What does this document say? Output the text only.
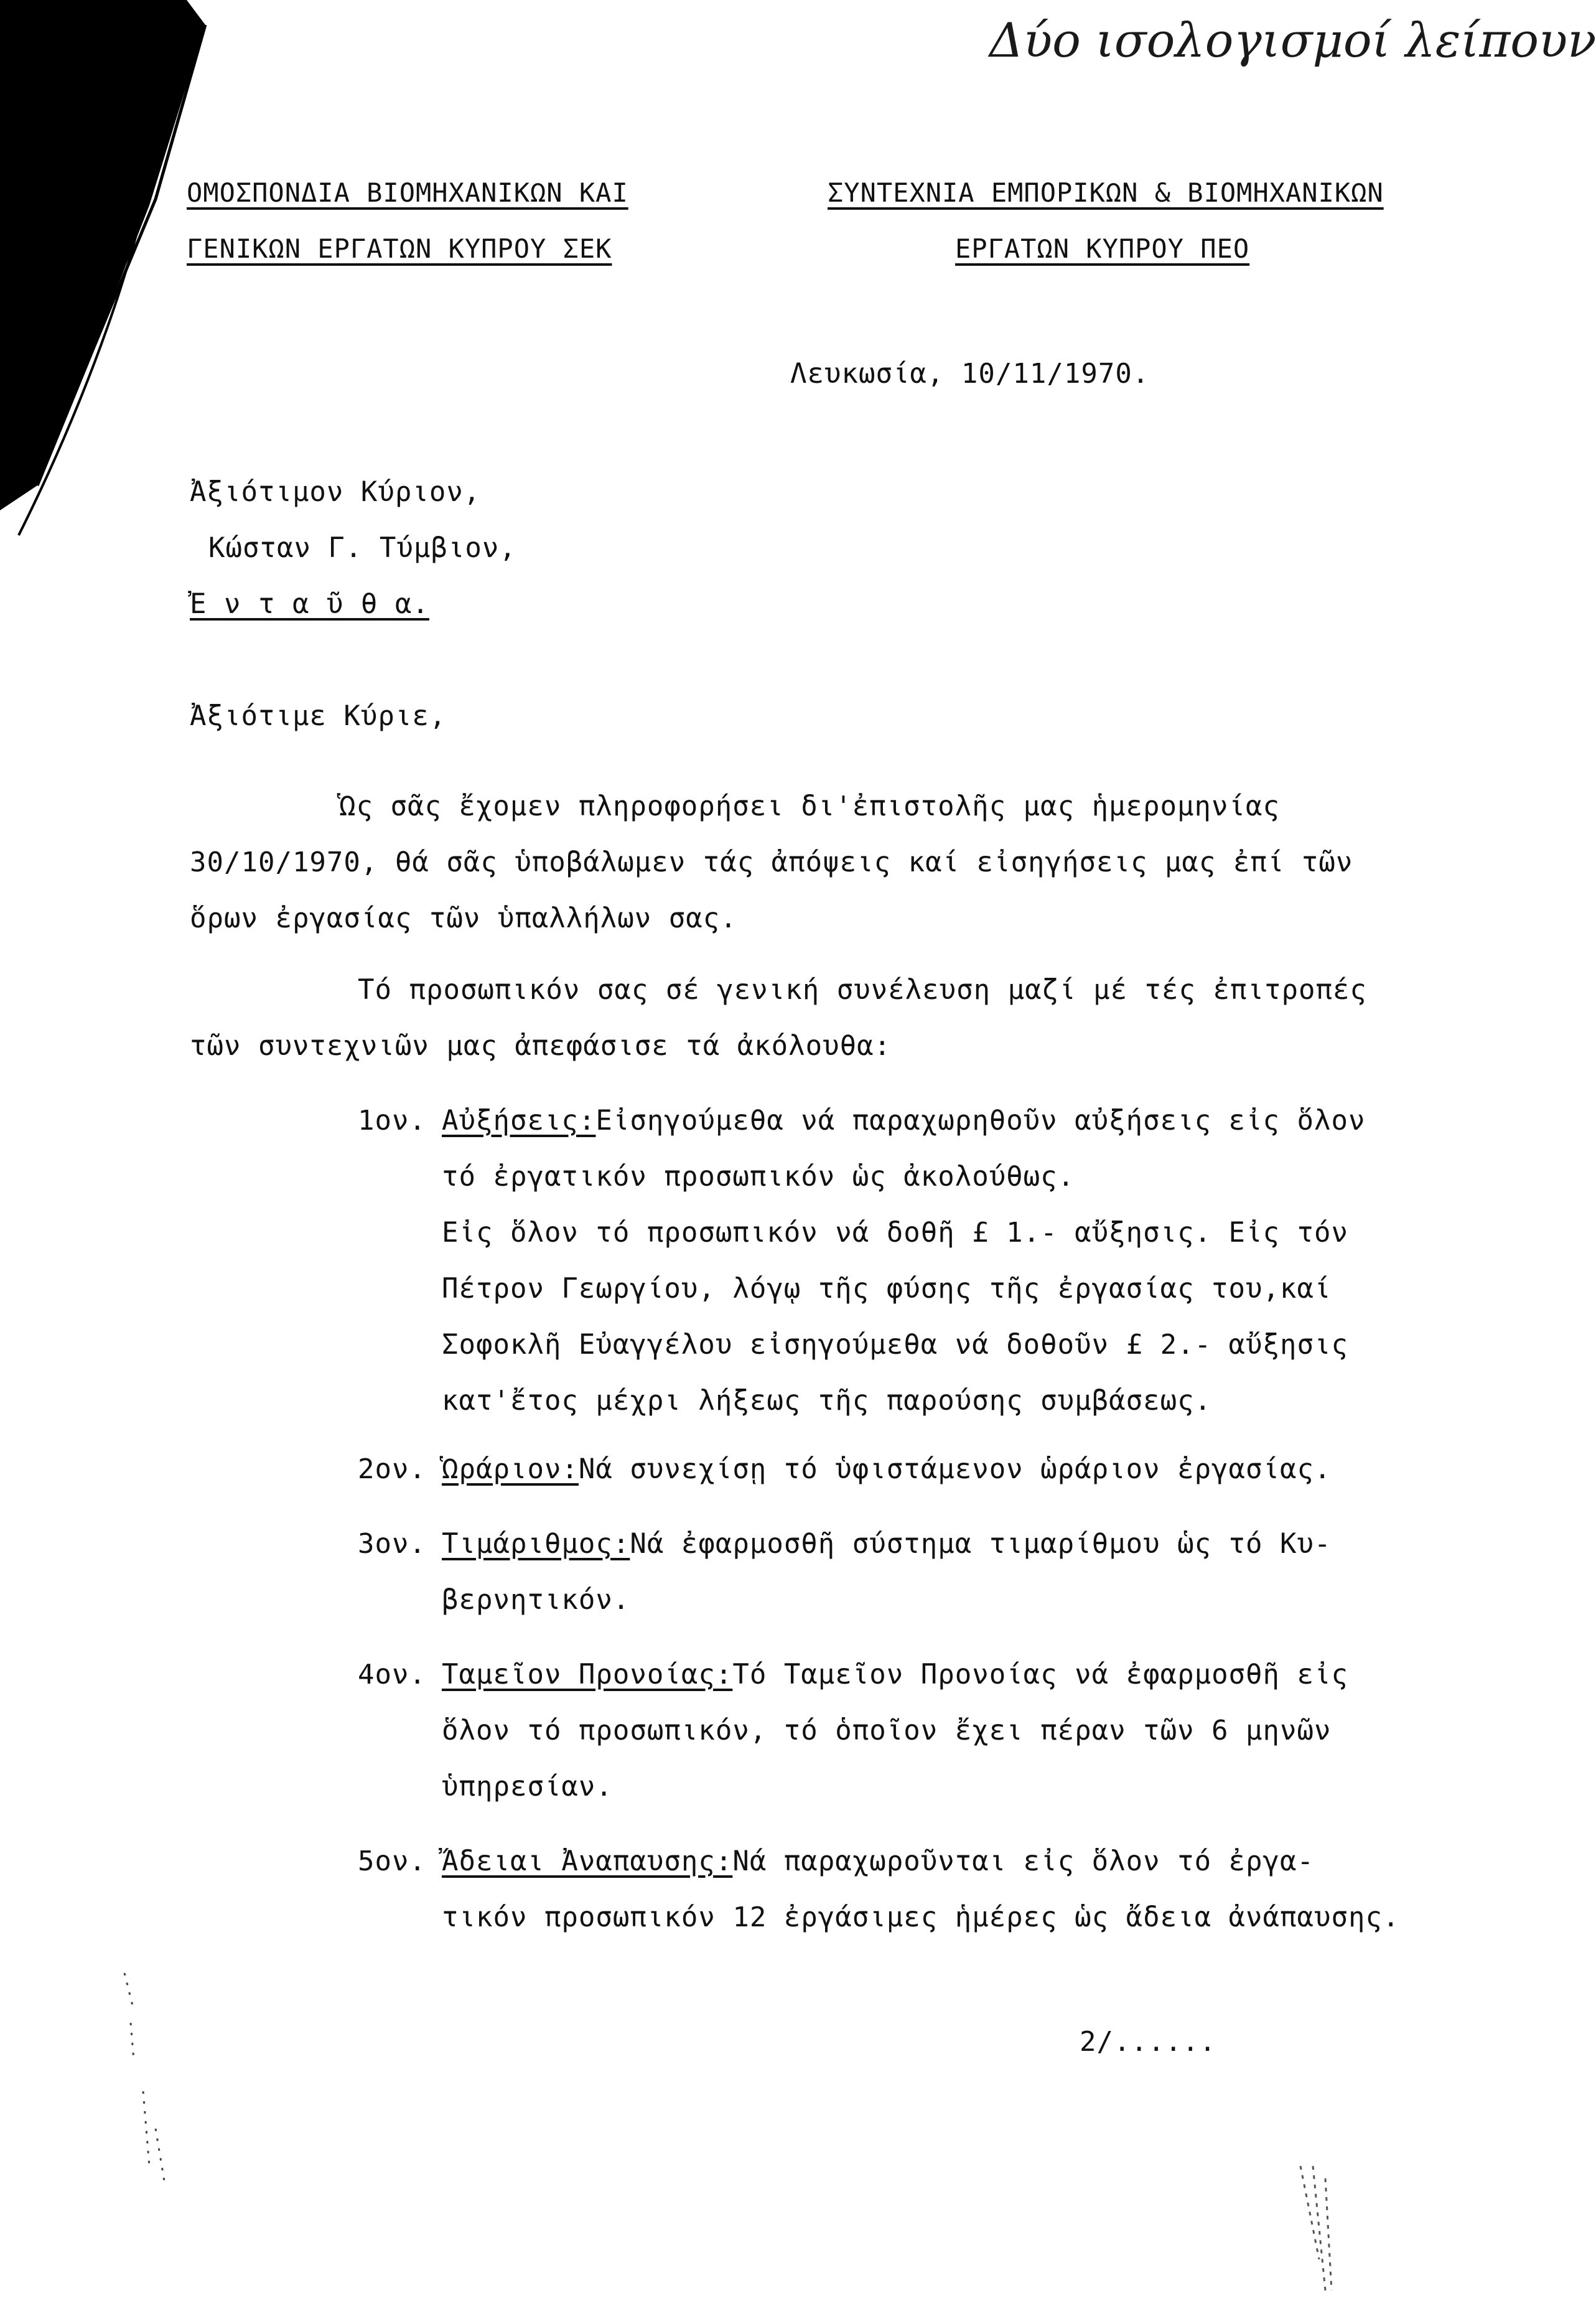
Δύο ισολογισμοί λείπουν
ΟΜΟΣΠΟΝΔΙΑ ΒΙΟΜΗΧΑΝΙΚΩΝ ΚΑΙ
ΓΕΝΙΚΩΝ ΕΡΓΑΤΩΝ ΚΥΠΡΟΥ ΣΕΚ
ΣΥΝΤΕΧΝΙΑ ΕΜΠΟΡΙΚΩΝ & ΒΙΟΜΗΧΑΝΙΚΩΝ
ΕΡΓΑΤΩΝ ΚΥΠΡΟΥ ΠΕΟ
Λευκωσία, 10/11/1970.
Ἀξιότιμον Κύριον,
Κώσταν Γ. Τύμβιον,
Ἐ ν τ α ῦ θ α.
Ἀξιότιμε Κύριε,
Ὡς σᾶς ἔχομεν πληροφορήσει δι'ἐπιστολῆς μας ἡμερομηνίας
30/10/1970, θά σᾶς ὑποβάλωμεν τάς ἀπόψεις καί εἰσηγήσεις μας ἐπί τῶν
ὅρων ἐργασίας τῶν ὑπαλλήλων σας.
Τό προσωπικόν σας σέ γενική συνέλευση μαζί μέ τές ἐπιτροπές
τῶν συντεχνιῶν μας ἀπεφάσισε τά ἀκόλουθα:
1ον. Αὐξήσεις:Εἰσηγούμεθα νά παραχωρηθοῦν αὐξήσεις εἰς ὅλον
τό ἐργατικόν προσωπικόν ὡς ἀκολούθως.
Εἰς ὅλον τό προσωπικόν νά δοθῆ £ 1.- αὔξησις. Εἰς τόν
Πέτρον Γεωργίου, λόγῳ τῆς φύσης τῆς ἐργασίας του,καί
Σοφοκλῆ Εὐαγγέλου εἰσηγούμεθα νά δοθοῦν £ 2.- αὔξησις
κατ'ἔτος μέχρι λήξεως τῆς παρούσης συμβάσεως.
2ον. Ὡράριον:Νά συνεχίσῃ τό ὑφιστάμενον ὡράριον ἐργασίας.
3ον. Τιμάριθμος:Νά ἐφαρμοσθῆ σύστημα τιμαρίθμου ὡς τό Κυ-
βερνητικόν.
4ον. Ταμεῖον Προνοίας:Τό Ταμεῖον Προνοίας νά ἐφαρμοσθῆ εἰς
ὅλον τό προσωπικόν, τό ὁποῖον ἔχει πέραν τῶν 6 μηνῶν
ὑπηρεσίαν.
5ον. Ἄδειαι Ἀναπαυσης:Νά παραχωροῦνται εἰς ὅλον τό ἐργα-
τικόν προσωπικόν 12 ἐργάσιμες ἡμέρες ὡς ἄδεια ἀνάπαυσης.
2/......
